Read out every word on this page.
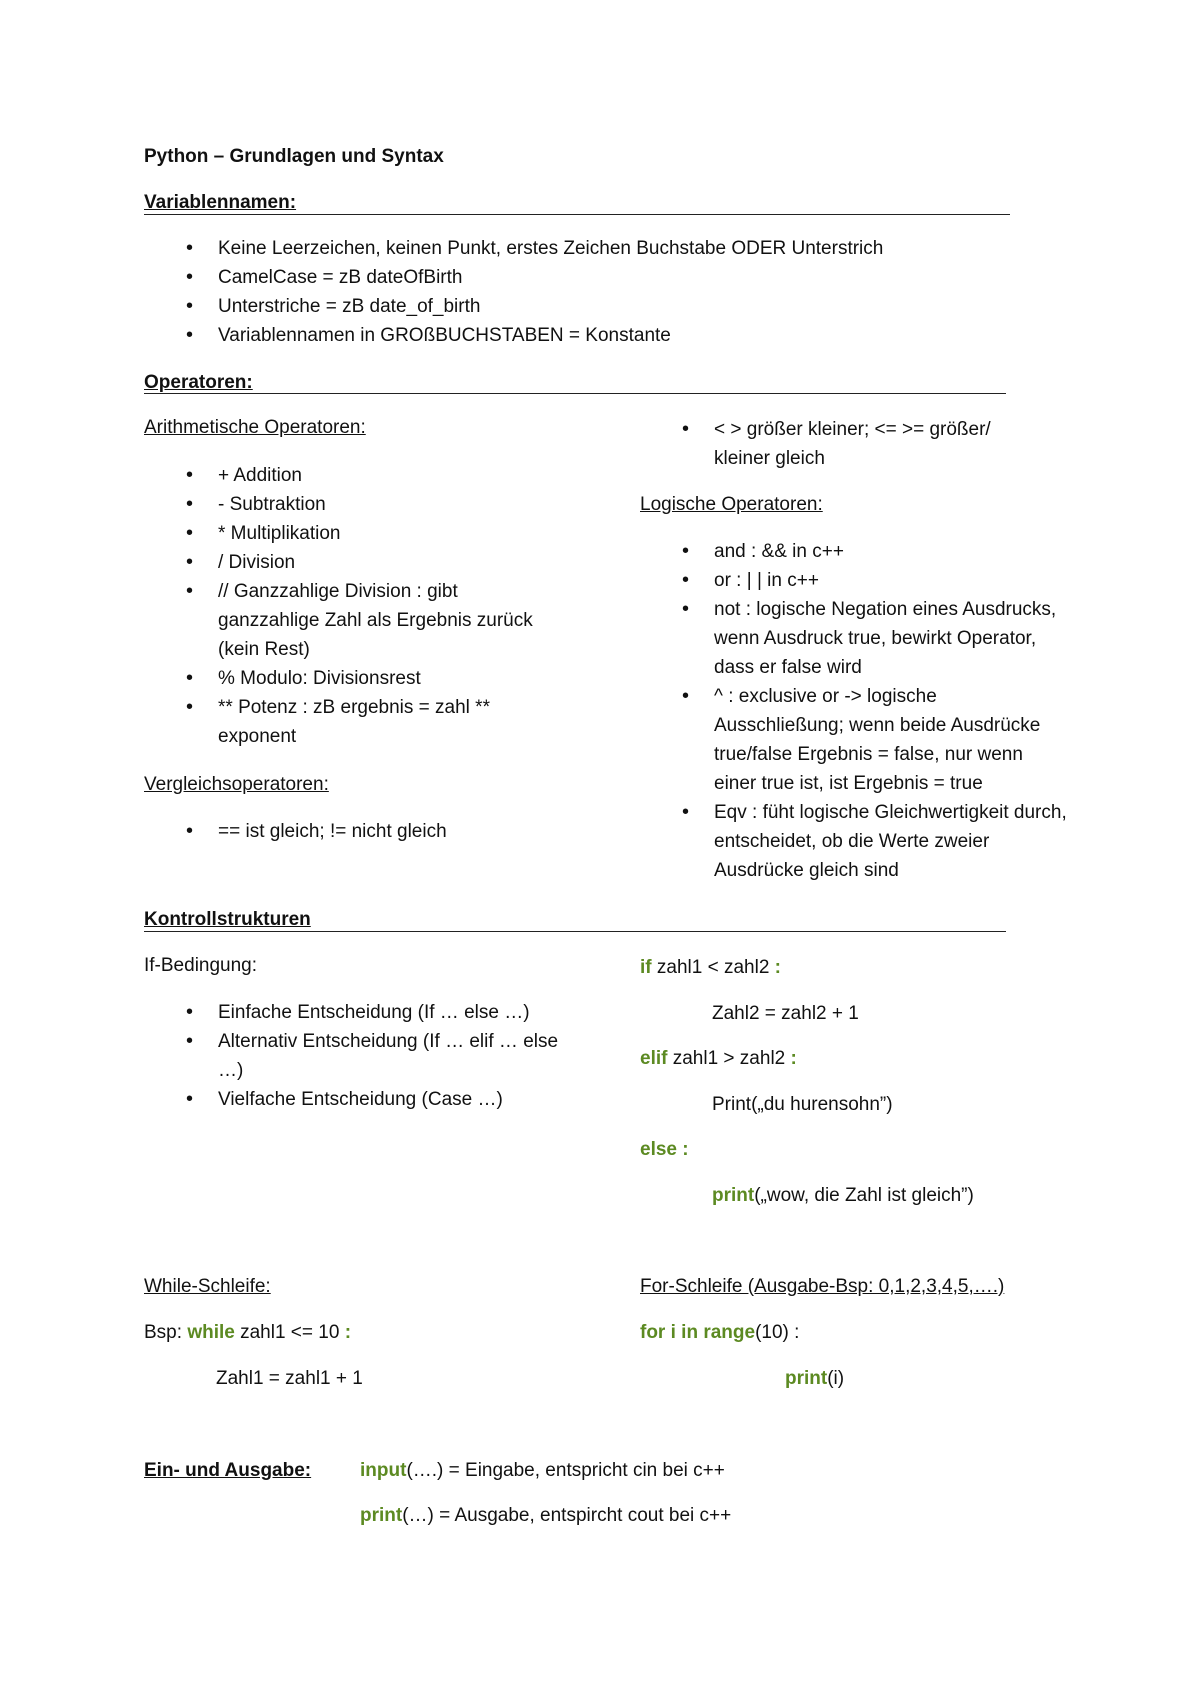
Python – Grundlagen und Syntax
Variablennamen:
• Keine Leerzeichen, keinen Punkt, erstes Zeichen Buchstabe ODER Unterstrich
• CamelCase = zB dateOfBirth
• Unterstriche = zB date_of_birth
• Variablennamen in GROßBUCHSTABEN = Konstante
Operatoren:
Arithmetische Operatoren:
• + Addition
• - Subtraktion
• * Multiplikation
• / Division
• // Ganzzahlige Division : gibt ganzzahlige Zahl als Ergebnis zurück (kein Rest)
• % Modulo: Divisionsrest
• ** Potenz : zB ergebnis = zahl ** exponent
Vergleichsoperatoren:
• == ist gleich; != nicht gleich
• < > größer kleiner; <= >= größer/ kleiner gleich
Logische Operatoren:
• and : && in c++
• or : | | in c++
• not : logische Negation eines Ausdrucks, wenn Ausdruck true, bewirkt Operator, dass er false wird
• ^ : exclusive or -> logische Ausschließung; wenn beide Ausdrücke true/false Ergebnis = false, nur wenn einer true ist, ist Ergebnis = true
• Eqv : füht logische Gleichwertigkeit durch, entscheidet, ob die Werte zweier Ausdrücke gleich sind
Kontrollstrukturen
If-Bedingung:
• Einfache Entscheidung (If … else …)
• Alternativ Entscheidung (If … elif … else …)
• Vielfache Entscheidung (Case …)
if zahl1 < zahl2 :
Zahl2 = zahl2 + 1
elif zahl1 > zahl2 :
Print(„du hurensohn”)
else :
print(„wow, die Zahl ist gleich”)
While-Schleife:
Bsp: while zahl1 <= 10 :
Zahl1 = zahl1 + 1
For-Schleife (Ausgabe-Bsp: 0,1,2,3,4,5,….)
for i in range(10) :
print(i)
Ein- und Ausgabe:	input(….) = Eingabe, entspricht cin bei c++
print(…) = Ausgabe, entspircht cout bei c++
